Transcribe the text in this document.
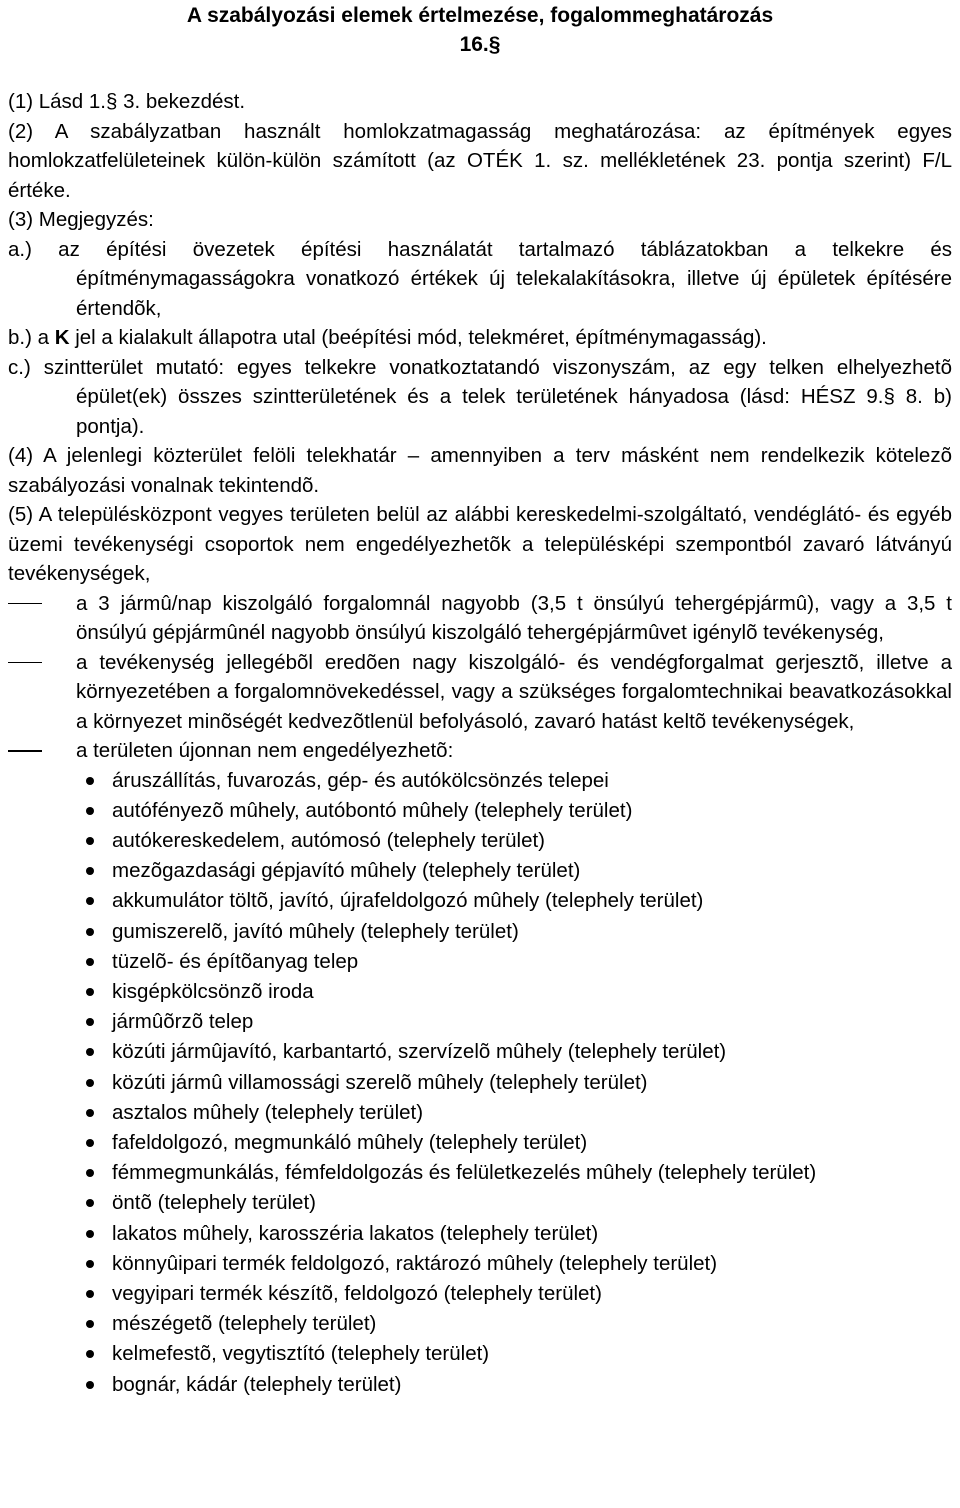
A szabályozási elemek értelmezése, fogalommeghatározás
16.§

(1) Lásd 1.§ 3. bekezdést.

(2) A szabályzatban használt homlokzatmagasság meghatározása: az építmények egyes homlokzatfelületeinek külön-külön számított (az OTÉK 1. sz. mellékletének 23. pontja szerint) F/L értéke.

(3) Megjegyzés:

a.) az építési övezetek építési használatát tartalmazó táblázatokban a telkekre és építménymagasságokra vonatkozó értékek új telekalakításokra, illetve új épületek építésére értendõk,

b.) a K jel a kialakult állapotra utal (beépítési mód, telekméret, építménymagasság).

c.) szintterület mutató: egyes telkekre vonatkoztatandó viszonyszám, az egy telken elhelyezhetõ épület(ek) összes szintterületének és a telek területének hányadosa (lásd: HÉSZ 9.§ 8. b) pontja).

(4) A jelenlegi közterület felöli telekhatár – amennyiben a terv másként nem rendelkezik kötelezõ szabályozási vonalnak tekintendõ.

(5) A településközpont vegyes területen belül az alábbi kereskedelmi-szolgáltató, vendéglátó- és egyéb üzemi tevékenységi csoportok nem engedélyezhetõk a településképi szempontból zavaró látványú tevékenységek,

a 3 jármû/nap kiszolgáló forgalomnál nagyobb (3,5 t önsúlyú tehergépjármû), vagy a 3,5 t önsúlyú gépjármûnél nagyobb önsúlyú kiszolgáló tehergépjármûvet igénylõ tevékenység,
a tevékenység jellegébõl eredõen nagy kiszolgáló- és vendégforgalmat gerjesztõ, illetve a környezetében a forgalomnövekedéssel, vagy a szükséges forgalomtechnikai beavatkozásokkal a környezet minõségét kedvezõtlenül befolyásoló, zavaró hatást keltõ tevékenységek,
a területen újonnan nem engedélyezhetõ:
áruszállítás, fuvarozás, gép- és autókölcsönzés telepei
autófényezõ mûhely, autóbontó mûhely (telephely terület)
autókereskedelem, autómosó (telephely terület)
mezõgazdasági gépjavító mûhely (telephely terület)
akkumulátor töltõ, javító, újrafeldolgozó mûhely (telephely terület)
gumiszerelõ, javító mûhely (telephely terület)
tüzelõ- és építõanyag telep
kisgépkölcsönzõ iroda
jármûõrzõ telep
közúti jármûjavító, karbantartó, szervízelõ mûhely (telephely terület)
közúti jármû villamossági szerelõ mûhely (telephely terület)
asztalos mûhely (telephely terület)
fafeldolgozó, megmunkáló mûhely (telephely terület)
fémmegmunkálás, fémfeldolgozás és felületkezelés mûhely (telephely terület)
öntõ (telephely terület)
lakatos mûhely, karosszéria lakatos (telephely terület)
könnyûipari termék feldolgozó, raktározó mûhely (telephely terület)
vegyipari termék készítõ, feldolgozó (telephely terület)
mészégetõ (telephely terület)
kelmefestõ, vegytisztító (telephely terület)
bognár, kádár (telephely terület)
